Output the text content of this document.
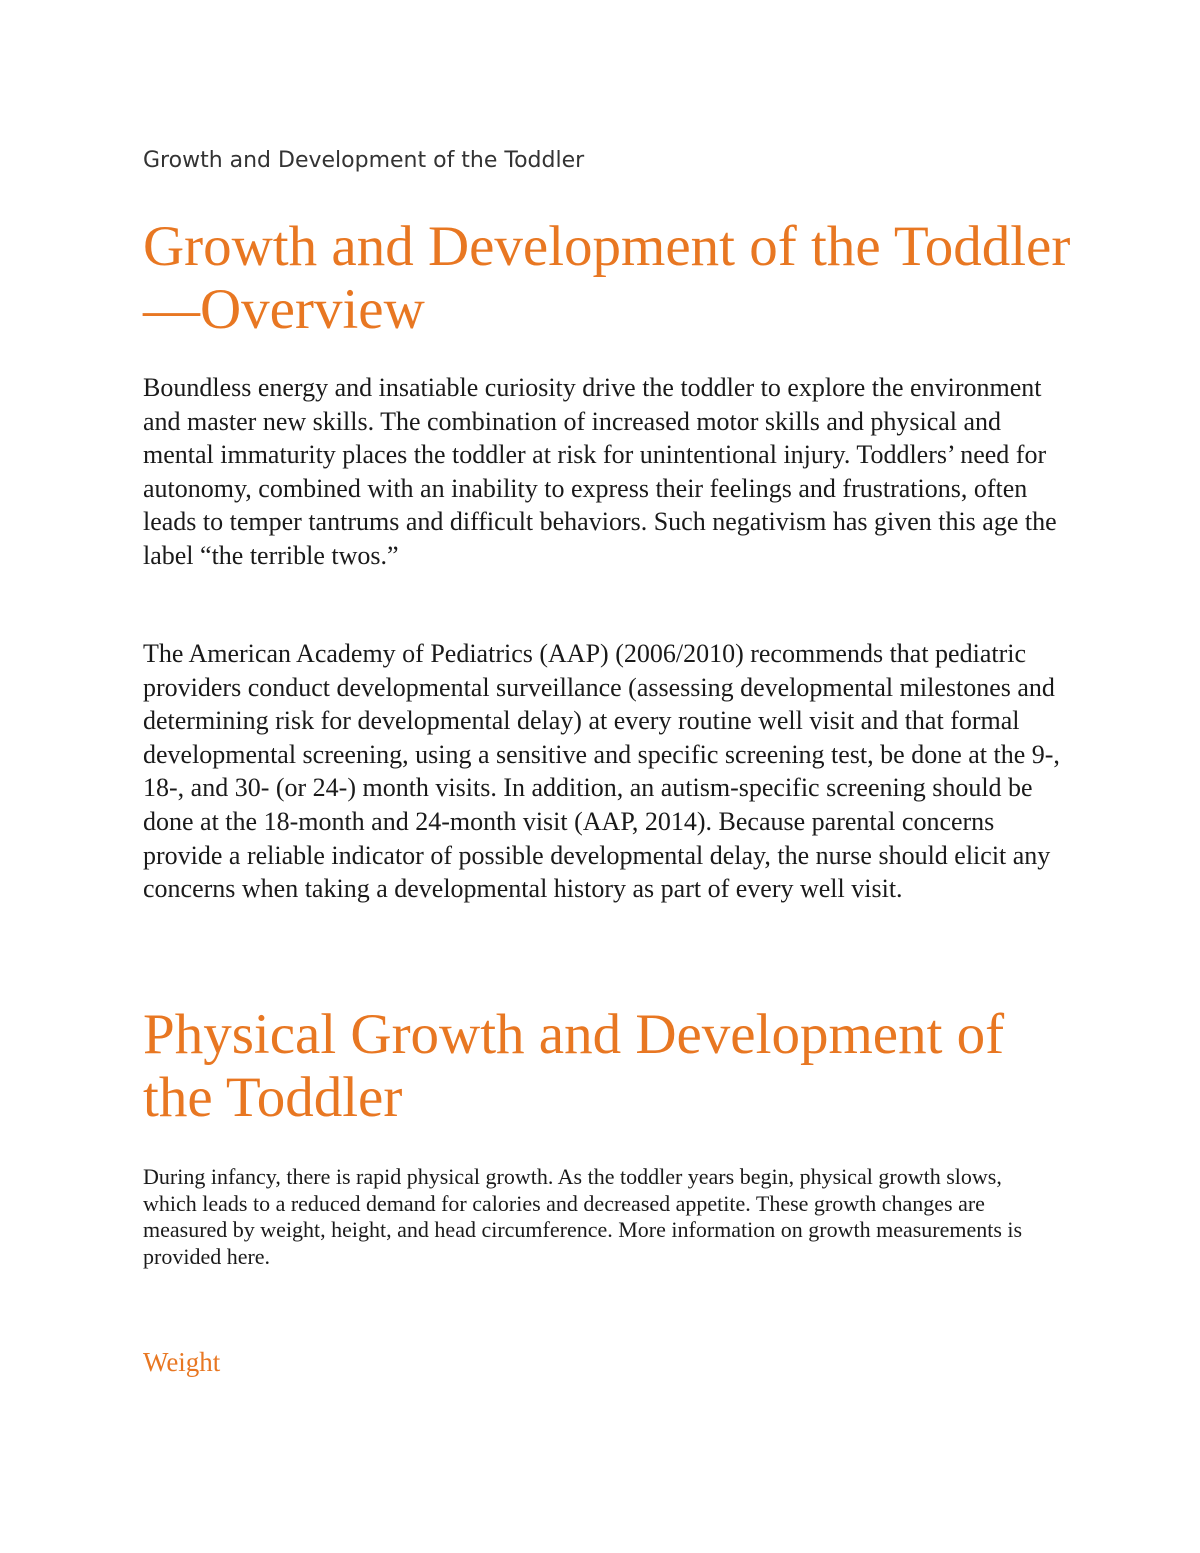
Growth and Development of the Toddler

Growth and Development of the Toddler—Overview

Boundless energy and insatiable curiosity drive the toddler to explore the environment and master new skills. The combination of increased motor skills and physical and mental immaturity places the toddler at risk for unintentional injury. Toddlers’ need for autonomy, combined with an inability to express their feelings and frustrations, often leads to temper tantrums and difficult behaviors. Such negativism has given this age the label “the terrible twos.”

The American Academy of Pediatrics (AAP) (2006/2010) recommends that pediatric providers conduct developmental surveillance (assessing developmental milestones and determining risk for developmental delay) at every routine well visit and that formal developmental screening, using a sensitive and specific screening test, be done at the 9-, 18-, and 30- (or 24-) month visits. In addition, an autism-specific screening should be done at the 18-month and 24-month visit (AAP, 2014). Because parental concerns provide a reliable indicator of possible developmental delay, the nurse should elicit any concerns when taking a developmental history as part of every well visit.

Physical Growth and Development of the Toddler

During infancy, there is rapid physical growth. As the toddler years begin, physical growth slows, which leads to a reduced demand for calories and decreased appetite. These growth changes are measured by weight, height, and head circumference. More information on growth measurements is provided here.

Weight
